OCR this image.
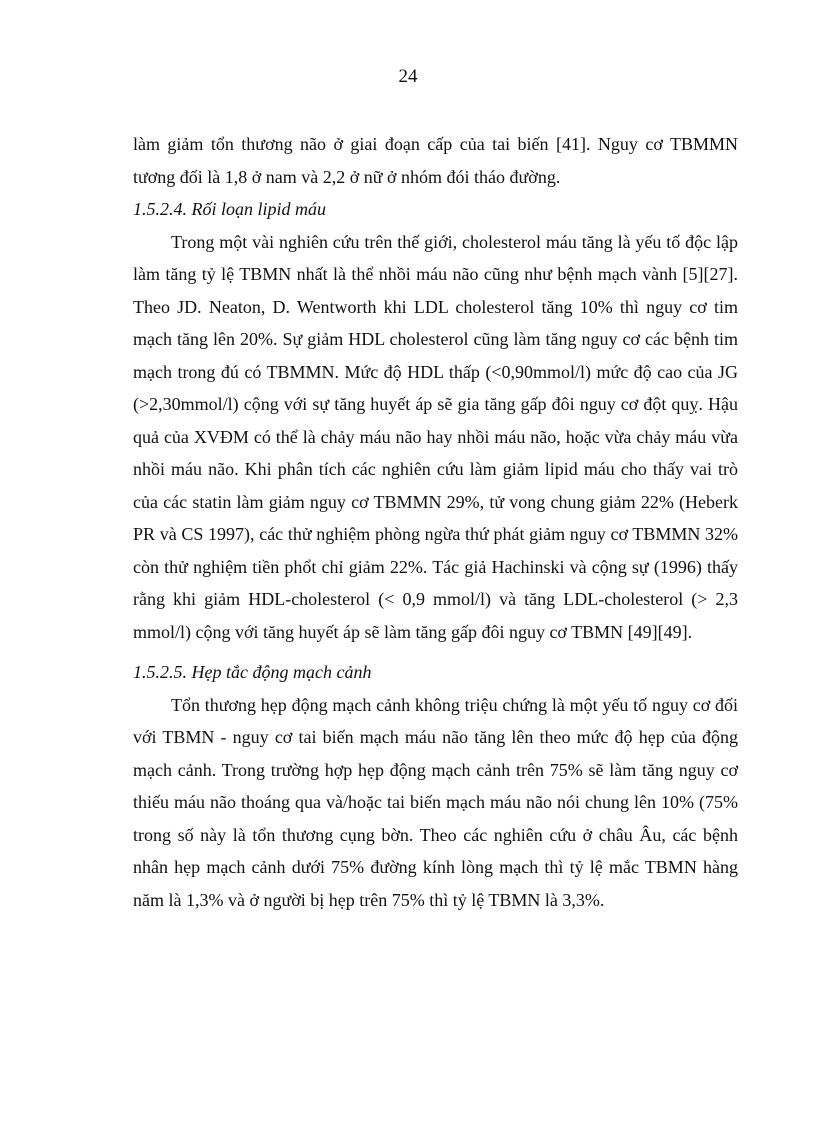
24

làm giảm tổn thương não ở giai đoạn cấp của tai biến [41]. Nguy cơ TBMMN tương đối là 1,8 ở nam và 2,2 ở nữ ở nhóm đói tháo đường.

1.5.2.4. Rối loạn lipid máu

Trong một vài nghiên cứu trên thế giới, cholesterol máu tăng là yếu tố độc lập làm tăng tỷ lệ TBMN nhất là thể nhồi máu não cũng như bệnh mạch vành [5][27]. Theo JD. Neaton, D. Wentworth khi LDL cholesterol tăng 10% thì nguy cơ tim mạch tăng lên 20%. Sự giảm HDL cholesterol cũng làm tăng nguy cơ các bệnh tim mạch trong đú có TBMMN. Mức độ HDL thấp (<0,90mmol/l) mức độ cao của JG (>2,30mmol/l) cộng với sự tăng huyết áp sẽ gia tăng gấp đôi nguy cơ đột quỵ. Hậu quả của XVĐM có thể là chảy máu não hay nhồi máu não, hoặc vừa chảy máu vừa nhồi máu não. Khi phân tích các nghiên cứu làm giảm lipid máu cho thấy vai trò của các statin làm giảm nguy cơ TBMMN 29%, tử vong chung giảm 22% (Heberk PR và CS 1997), các thử nghiệm phòng ngừa thứ phát giảm nguy cơ TBMMN 32% còn thử nghiệm tiền phổt chỉ giảm 22%. Tác giả Hachinski và cộng sự (1996) thấy rằng khi giảm HDL-cholesterol (< 0,9 mmol/l) và tăng LDL-cholesterol (> 2,3 mmol/l) cộng với tăng huyết áp sẽ làm tăng gấp đôi nguy cơ TBMN [49][49].

1.5.2.5. Hẹp tắc động mạch cảnh

Tổn thương hẹp động mạch cảnh không triệu chứng là một yếu tố nguy cơ đối với TBMN - nguy cơ tai biến mạch máu não tăng lên theo mức độ hẹp của động mạch cảnh. Trong trường hợp hẹp động mạch cảnh trên 75% sẽ làm tăng nguy cơ thiếu máu não thoáng qua và/hoặc tai biến mạch máu não nói chung lên 10% (75% trong số này là tổn thương cụng bờn. Theo các nghiên cứu ở châu Âu, các bệnh nhân hẹp mạch cảnh dưới 75% đường kính lòng mạch thì tỷ lệ mắc TBMN hàng năm là 1,3% và ở người bị hẹp trên 75% thì tỷ lệ TBMN là 3,3%.
